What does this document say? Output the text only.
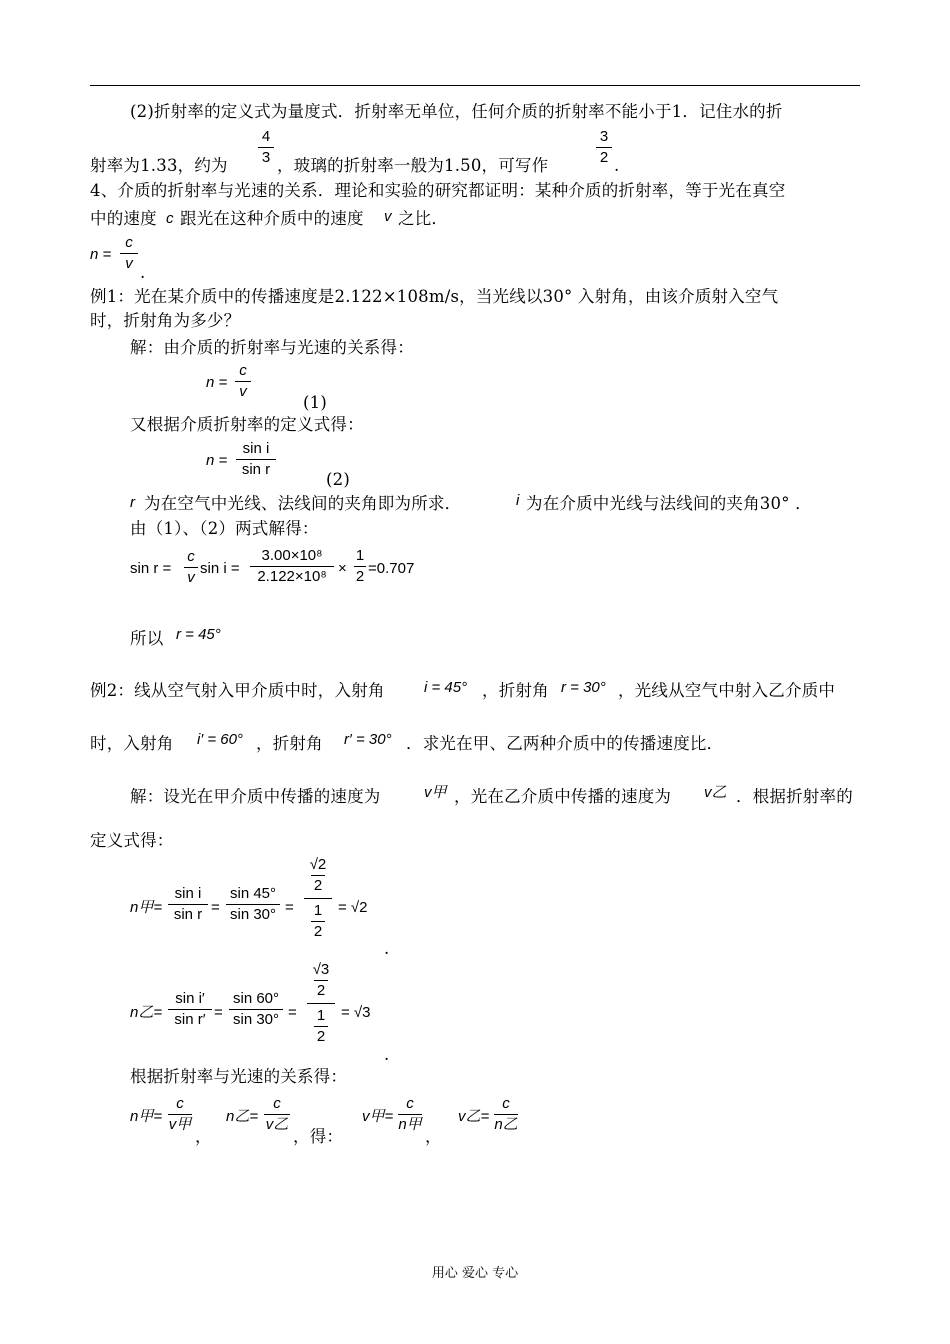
(2)折射率的定义式为量度式．折射率无单位，任何介质的折射率不能小于1．记住水的折
射率为1.33，约为
4
3 ，玻璃的折射率一般为1.50，可写作
3
2 .
4、介质的折射率与光速的关系．理论和实验的研究都证明：某种介质的折射率，等于光在真空
中的速度 c 跟光在这种介质中的速度 v 之比．
n =
c
v .
例1：光在某介质中的传播速度是2.122×108m/s，当光线以30° 入射角，由该介质射入空气
时，折射角为多少？
解：由介质的折射率与光速的关系得：
n =
c
v
(1)
又根据介质折射率的定义式得：
n =
sin i
sin r
(2)
r 为在空气中光线、法线间的夹角即为所求．	i 为在介质中光线与法线间的夹角30° ．
由（1）、（2）两式解得：
sin r =
c
v
sin i =
3.00×10⁸
2.122×10⁸ ×
1
2 =0.707
所以 r = 45°
例2：线从空气射入甲介质中时，入射角	i = 45° ，折射角 r = 30° ，光线从空气中射入乙介质中
时，入射角 i′ = 60° ，折射角 r′ = 30° ．求光在甲、乙两种介质中的传播速度比．
解：设光在甲介质中传播的速度为	v甲 ，光在乙介质中传播的速度为 v乙 ．根据折射率的
定义式得：
n甲=
sin i
sin r =
sin 45°
sin 30° =
√2
2
1
2
= √2
.
n乙=
sin i′
sin r′ =
sin 60°
sin 30° =
√3
2
1
2
= √3
.
根据折射率与光速的关系得：
n甲=
c
v甲
，
n乙=
c
v乙
，得：
v甲=
c
n甲
，
v乙=
c
n乙
用心 爱心 专心
